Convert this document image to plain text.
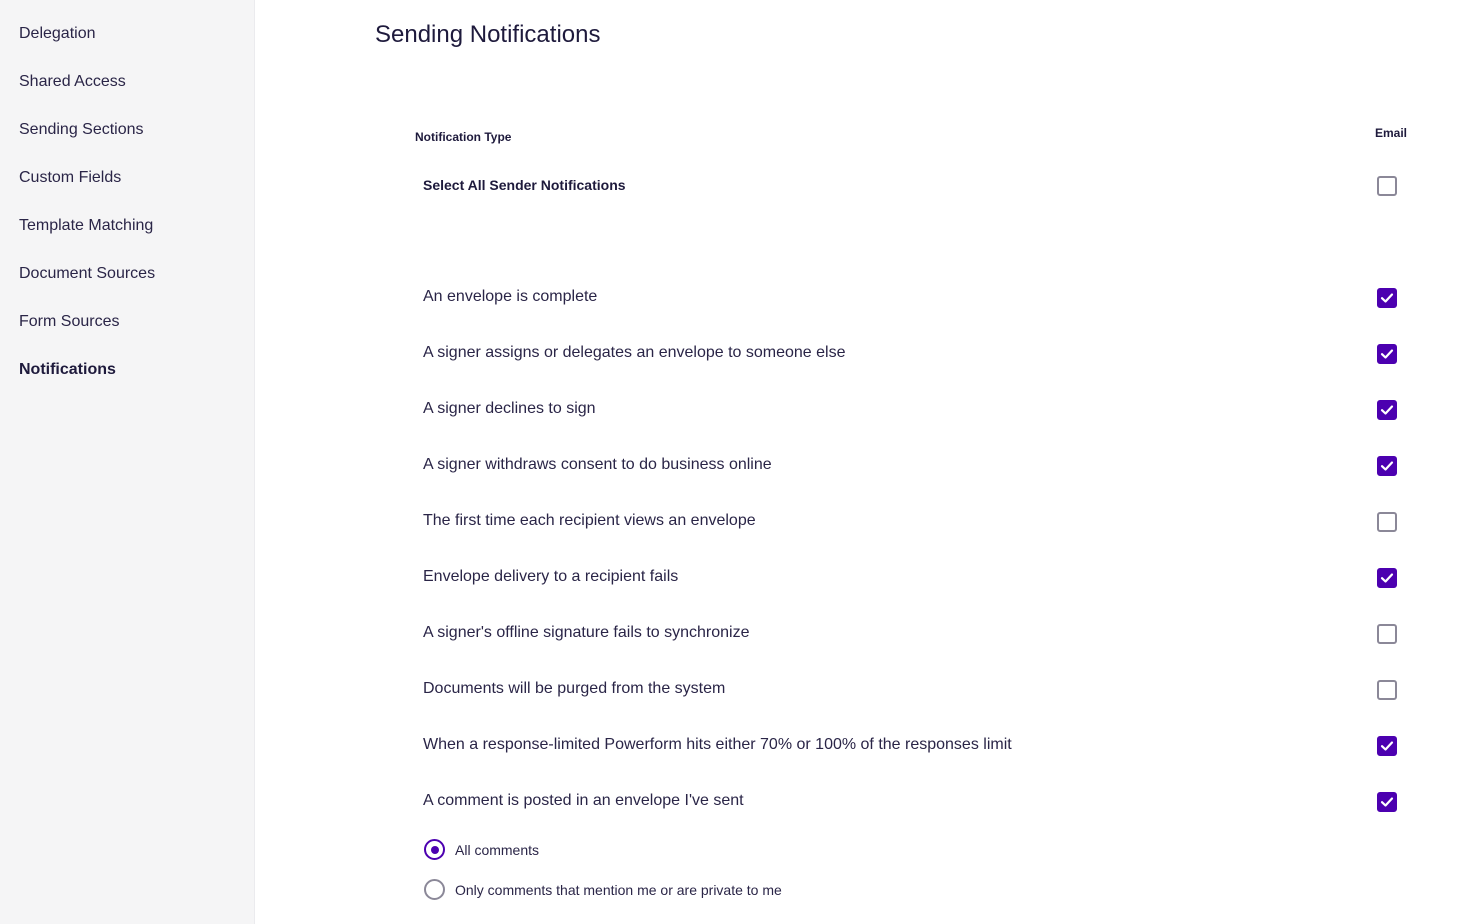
Delegation
Shared Access
Sending Sections
Custom Fields
Template Matching
Document Sources
Form Sources
Notifications
Sending Notifications
Notification Type	Email
Select All Sender Notifications
An envelope is complete
A signer assigns or delegates an envelope to someone else
A signer declines to sign
A signer withdraws consent to do business online
The first time each recipient views an envelope
Envelope delivery to a recipient fails
A signer's offline signature fails to synchronize
Documents will be purged from the system
When a response-limited Powerform hits either 70% or 100% of the responses limit
A comment is posted in an envelope I've sent
All comments
Only comments that mention me or are private to me
